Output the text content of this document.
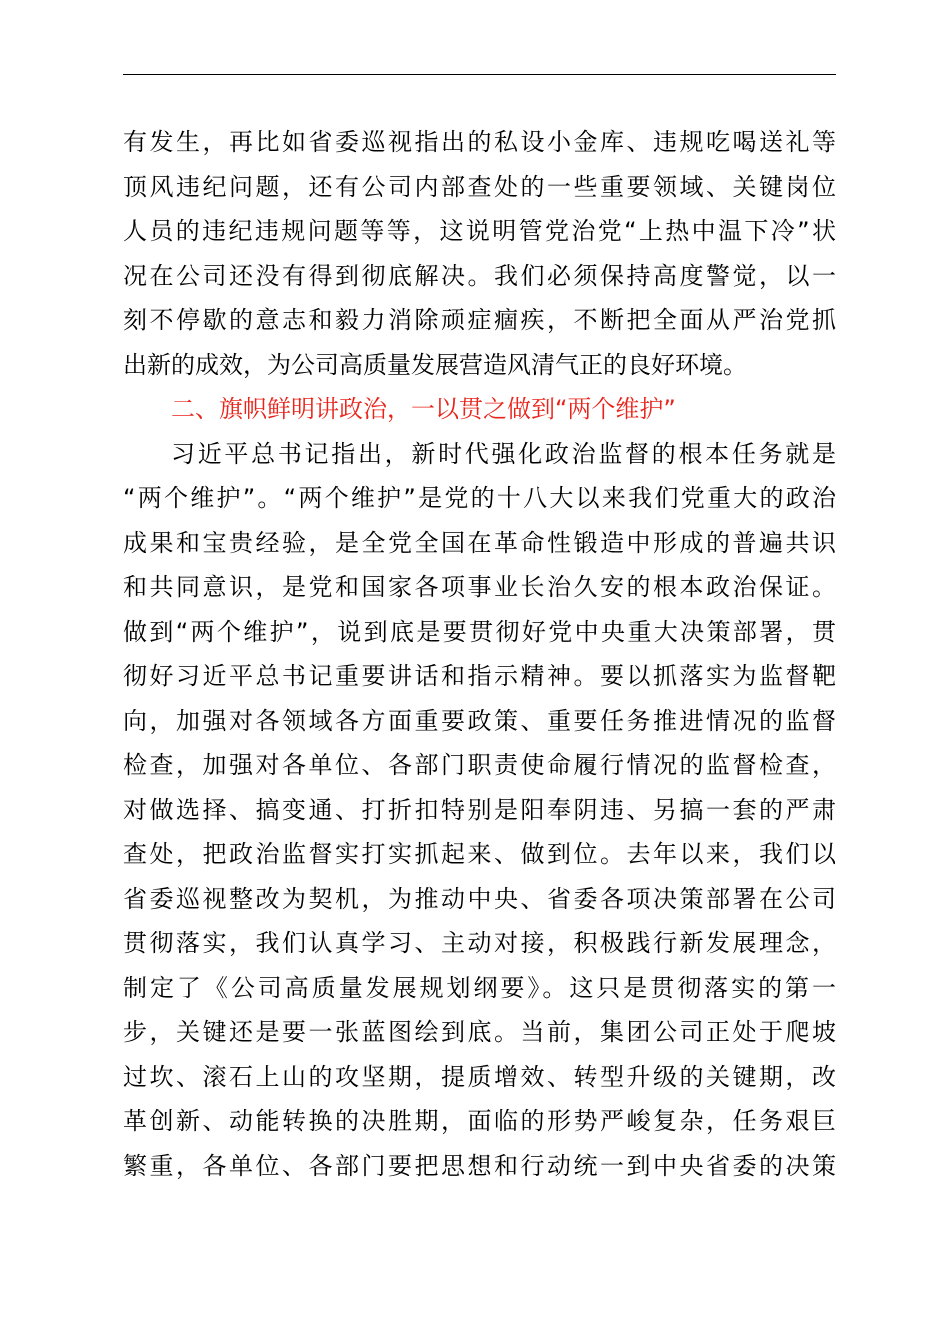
有发生，再比如省委巡视指出的私设小金库、违规吃喝送礼等
顶风违纪问题，还有公司内部查处的一些重要领域、关键岗位
人员的违纪违规问题等等，这说明管党治党“上热中温下冷”状
况在公司还没有得到彻底解决。我们必须保持高度警觉，以一
刻不停歇的意志和毅力消除顽症痼疾，不断把全面从严治党抓
出新的成效，为公司高质量发展营造风清气正的良好环境。
二、旗帜鲜明讲政治，一以贯之做到“两个维护”
习近平总书记指出，新时代强化政治监督的根本任务就是
“两个维护”。“两个维护”是党的十八大以来我们党重大的政治
成果和宝贵经验，是全党全国在革命性锻造中形成的普遍共识
和共同意识，是党和国家各项事业长治久安的根本政治保证。
做到“两个维护”，说到底是要贯彻好党中央重大决策部署，贯
彻好习近平总书记重要讲话和指示精神。要以抓落实为监督靶
向，加强对各领域各方面重要政策、重要任务推进情况的监督
检查，加强对各单位、各部门职责使命履行情况的监督检查，
对做选择、搞变通、打折扣特别是阳奉阴违、另搞一套的严肃
查处，把政治监督实打实抓起来、做到位。去年以来，我们以
省委巡视整改为契机，为推动中央、省委各项决策部署在公司
贯彻落实，我们认真学习、主动对接，积极践行新发展理念，
制定了《公司高质量发展规划纲要》。这只是贯彻落实的第一
步，关键还是要一张蓝图绘到底。当前，集团公司正处于爬坡
过坎、滚石上山的攻坚期，提质增效、转型升级的关键期，改
革创新、动能转换的决胜期，面临的形势严峻复杂，任务艰巨
繁重，各单位、各部门要把思想和行动统一到中央省委的决策
